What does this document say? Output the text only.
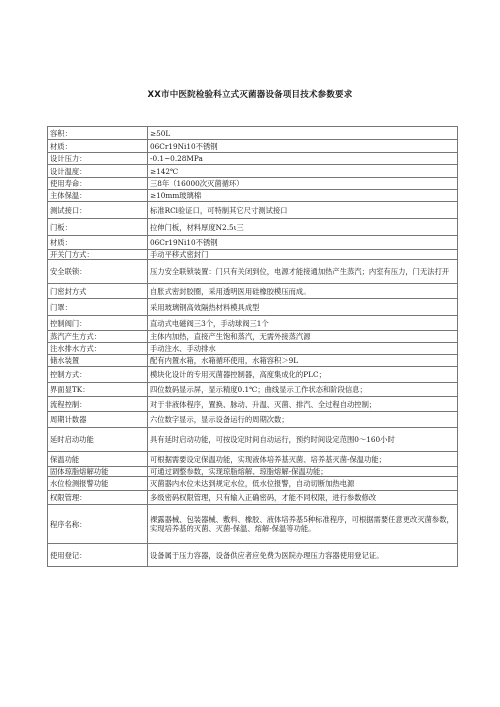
XX市中医院检验科立式灭菌器设备项目技术参数要求
容积：	≥50L
材质：	06Cr19Ni10不锈钢
设计压力：	-0.1~0.28MPa
设计温度：	≥142℃
使用寿命：	三8年（16000次灭菌循环）
主体保温：	≥10mm玻璃棉
测试接口：	标准RCl验证口，可特制其它尺寸测试接口
门板：	拉伸门板，材料厚度N2.5ι三
材质：	06Cr19Ni10不锈钢
开关门方式：	手动平移式密封门
安全联锁：	压力安全联锁装置：门只有关闭到位，电源才能接通加热产生蒸汽；内室有压力，门无法打开
门密封方式	自胀式密封胶圈，采用透明医用硅橡胶模压而成。
门罩：	采用玻璃钢高效隔热材料模具成型
控制阀门：	直动式电磁阀三3个，手动球阀三1个
蒸汽产生方式：	主体内加热，直接产生饱和蒸汽，无需外接蒸汽源
注水排水方式：	手动注水、手动排水
储水装置	配有内置水箱，水箱循环使用，水箱容积＞9L
控制方式：	模块化设计的专用灭菌器控制器，高度集成化的PLC；
界面显TK：	四位数码显示屏，显示精度0.1℃；曲线显示工作状态和阶段信息；
流程控制：	对于非液体程序，置换、脉动、升温、灭菌、排汽、全过程自动控制；
周期计数器	六位数字显示，显示设备运行的周期次数；
延时启动功能	具有延时启动功能，可按设定时间自动运行，预约时间设定范围0～160小时
保温功能	可根据需要设定保温功能，实现液体培养基灭菌、培养基灭菌-保温功能；
固体琼脂熔解功能	可通过调整参数，实现琼脂熔解、琼脂熔解-保温功能；
水位检测报警功能	灭菌器内水位未达到规定水位，低水位报警，自动切断加热电源
权限管理：	多级密码权限管理，只有输入正确密码，才能不同权限，进行参数修改
程序名称：	裸露器械、包装器械、敷料、橡胶、液体培养基5种标准程序，可根据需要任意更改灭菌参数，实现培养基的灭菌、灭菌-保温、熔解-保温等功能。
使用登记：	设备属于压力容器，设备供应者应免费为医院办理压力容器使用登记证。
